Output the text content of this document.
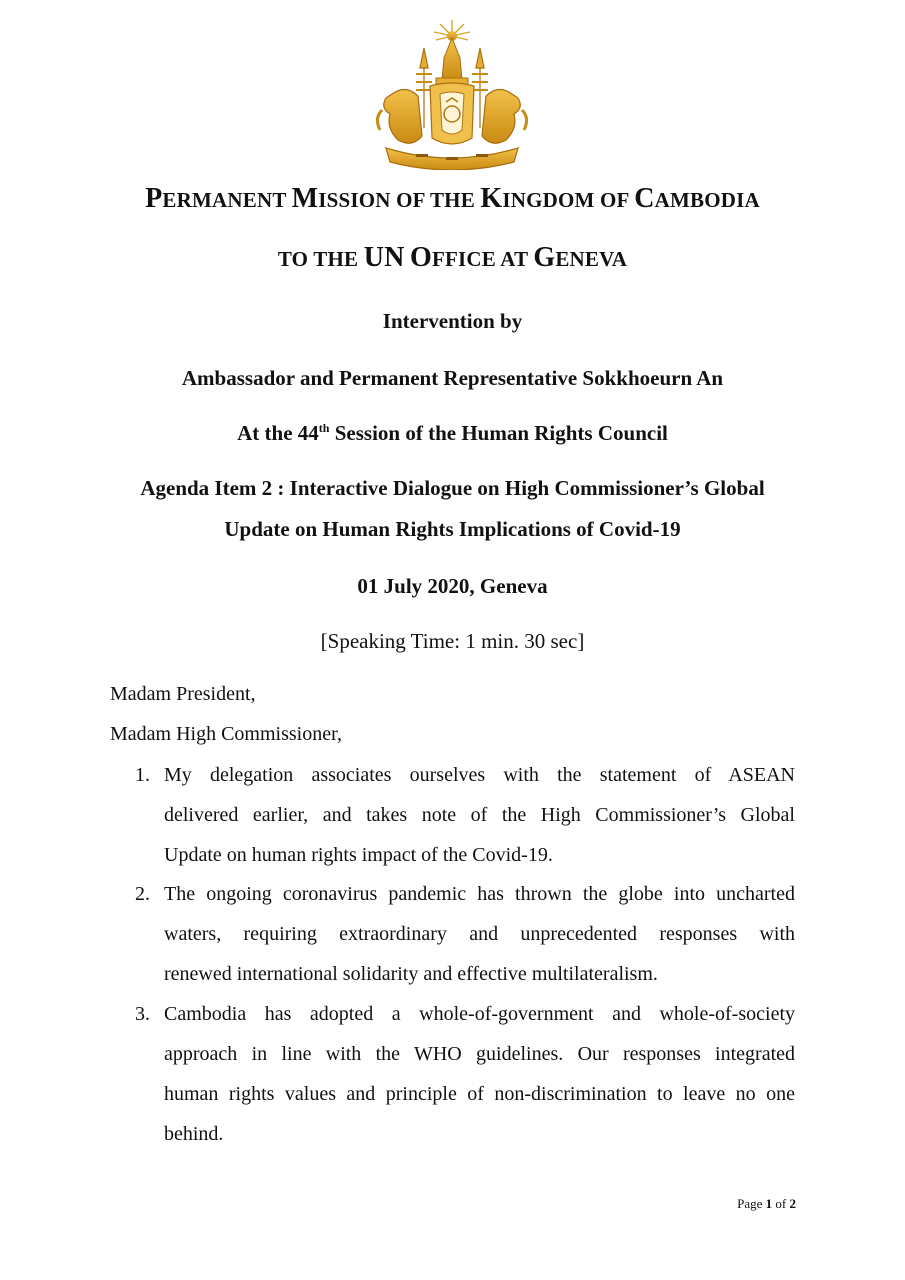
PERMANENT MISSION OF THE KINGDOM OF CAMBODIA
TO THE UN OFFICE AT GENEVA
Intervention by
Ambassador and Permanent Representative Sokkhoeurn An
At the 44th Session of the Human Rights Council
Agenda Item 2 : Interactive Dialogue on High Commissioner’s Global
Update on Human Rights Implications of Covid-19
01 July 2020, Geneva
[Speaking Time: 1 min. 30 sec]
Madam President,
Madam High Commissioner,
1. My delegation associates ourselves with the statement of ASEAN
delivered earlier, and takes note of the High Commissioner’s Global
Update on human rights impact of the Covid-19.
2. The ongoing coronavirus pandemic has thrown the globe into uncharted
waters, requiring extraordinary and unprecedented responses with
renewed international solidarity and effective multilateralism.
3. Cambodia has adopted a whole-of-government and whole-of-society
approach in line with the WHO guidelines. Our responses integrated
human rights values and principle of non-discrimination to leave no one
behind.
Page 1 of 2
